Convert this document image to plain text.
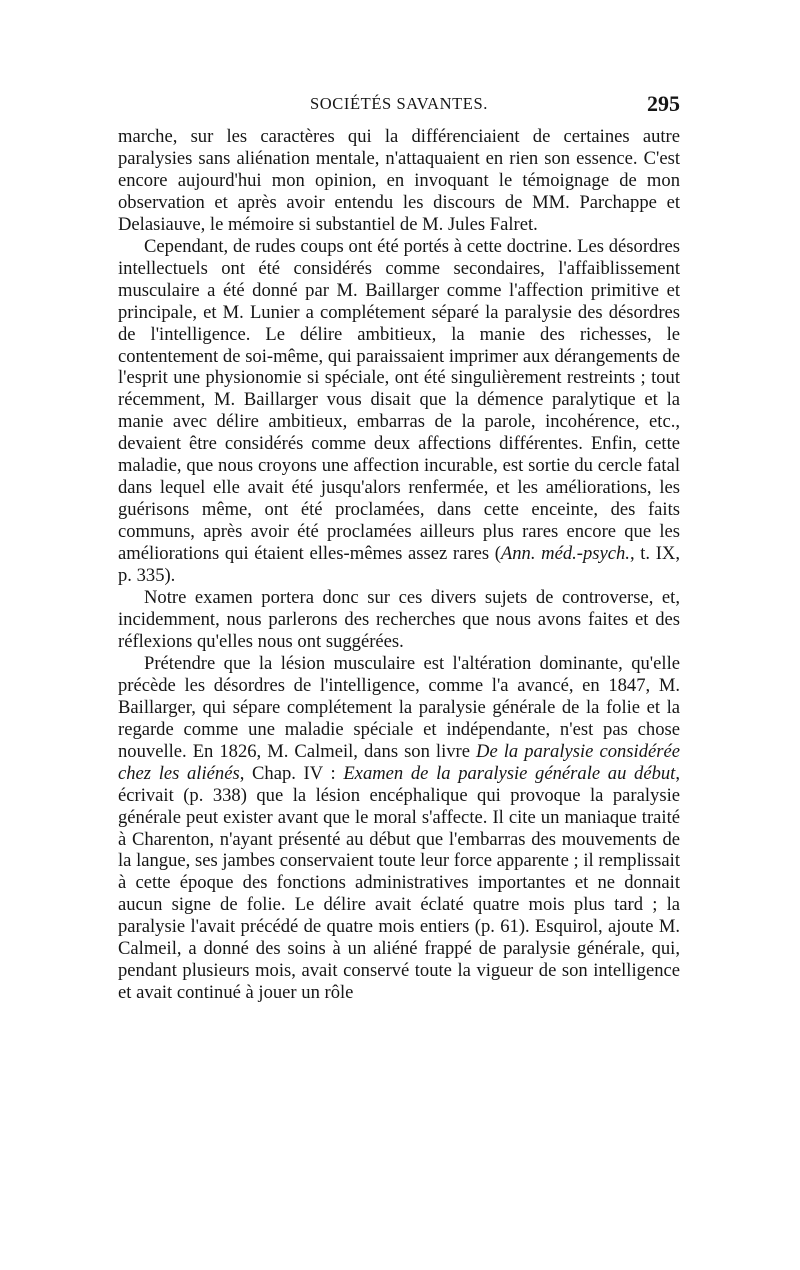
SOCIÉTÉS SAVANTES.	295

marche, sur les caractères qui la différenciaient de certaines autre paralysies sans aliénation mentale, n'attaquaient en rien son essence. C'est encore aujourd'hui mon opinion, en invoquant le témoignage de mon observation et après avoir entendu les discours de MM. Parchappe et Delasiauve, le mémoire si substantiel de M. Jules Falret.

Cependant, de rudes coups ont été portés à cette doctrine. Les désordres intellectuels ont été considérés comme secondaires, l'affaiblissement musculaire a été donné par M. Baillarger comme l'affection primitive et principale, et M. Lunier a complétement séparé la paralysie des désordres de l'intelligence. Le délire ambitieux, la manie des richesses, le contentement de soi-même, qui paraissaient imprimer aux dérangements de l'esprit une physionomie si spéciale, ont été singulièrement restreints ; tout récemment, M. Baillarger vous disait que la démence paralytique et la manie avec délire ambitieux, embarras de la parole, incohérence, etc., devaient être considérés comme deux affections différentes. Enfin, cette maladie, que nous croyons une affection incurable, est sortie du cercle fatal dans lequel elle avait été jusqu'alors renfermée, et les améliorations, les guérisons même, ont été proclamées, dans cette enceinte, des faits communs, après avoir été proclamées ailleurs plus rares encore que les améliorations qui étaient elles-mêmes assez rares (Ann. méd.-psych., t. IX, p. 335).

Notre examen portera donc sur ces divers sujets de controverse, et, incidemment, nous parlerons des recherches que nous avons faites et des réflexions qu'elles nous ont suggérées.

Prétendre que la lésion musculaire est l'altération dominante, qu'elle précède les désordres de l'intelligence, comme l'a avancé, en 1847, M. Baillarger, qui sépare complétement la paralysie générale de la folie et la regarde comme une maladie spéciale et indépendante, n'est pas chose nouvelle. En 1826, M. Calmeil, dans son livre De la paralysie considérée chez les aliénés, Chap. IV : Examen de la paralysie générale au début, écrivait (p. 338) que la lésion encéphalique qui provoque la paralysie générale peut exister avant que le moral s'affecte. Il cite un maniaque traité à Charenton, n'ayant présenté au début que l'embarras des mouvements de la langue, ses jambes conservaient toute leur force apparente ; il remplissait à cette époque des fonctions administratives importantes et ne donnait aucun signe de folie. Le délire avait éclaté quatre mois plus tard ; la paralysie l'avait précédé de quatre mois entiers (p. 61). Esquirol, ajoute M. Calmeil, a donné des soins à un aliéné frappé de paralysie générale, qui, pendant plusieurs mois, avait conservé toute la vigueur de son intelligence et avait continué à jouer un rôle
